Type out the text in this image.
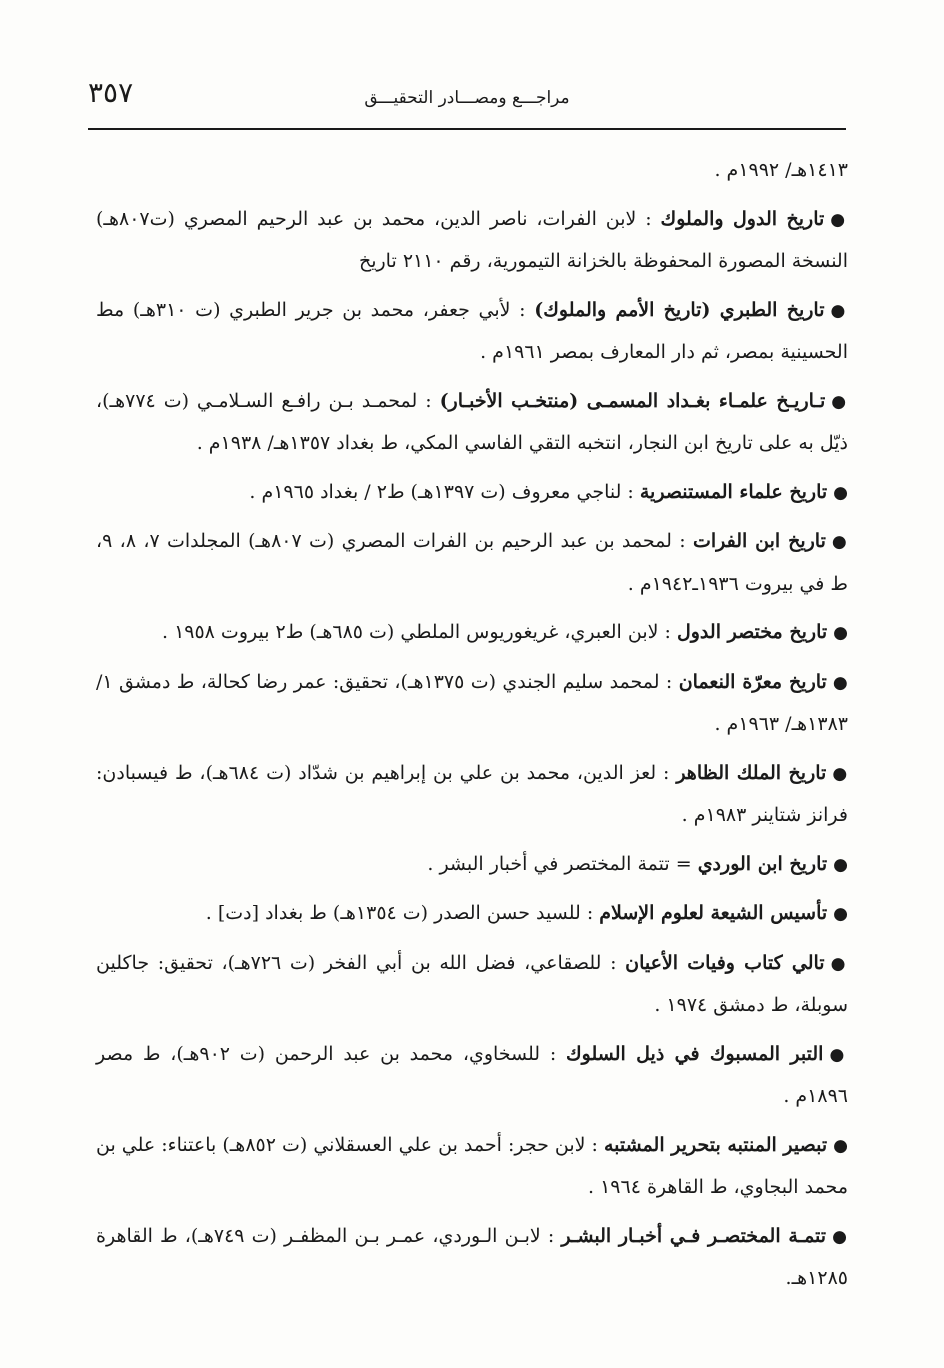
٣٥٧	مراجـــع ومصـــادر التحقيـــق

١٤١٣هـ/ ١٩٩٢م .

●تاريخ الدول والملوك : لابن الفرات، ناصر الدين، محمد بن عبد الرحيم المصري (ت٨٠٧هـ) النسخة المصورة المحفوظة بالخزانة التيمورية، رقم ٢١١٠ تاريخ

●تاريخ الطبري (تاريخ الأمم والملوك) : لأبي جعفر، محمد بن جرير الطبري (ت ٣١٠هـ) مط الحسينية بمصر، ثم دار المعارف بمصر ١٩٦١م .

●تـاريـخ علمـاء بغـداد المسمـى (منتخـب الأخبـار) : لمحمـد بـن رافـع السـلامـي (ت ٧٧٤هـ)، ذيّل به على تاريخ ابن النجار، انتخبه التقي الفاسي المكي، ط بغداد ١٣٥٧هـ/ ١٩٣٨م .

●تاريخ علماء المستنصرية : لناجي معروف (ت ١٣٩٧هـ) ط٢ / بغداد ١٩٦٥م .

●تاريخ ابن الفرات : لمحمد بن عبد الرحيم بن الفرات المصري (ت ٨٠٧هـ) المجلدات ٧، ٨، ٩، ط في بيروت ١٩٣٦ـ١٩٤٢م .

●تاريخ مختصر الدول : لابن العبري، غريغوريوس الملطي (ت ٦٨٥هـ) ط٢ بيروت ١٩٥٨ .

●تاريخ معرّة النعمان : لمحمد سليم الجندي (ت ١٣٧٥هـ)، تحقيق: عمر رضا كحالة، ط دمشق ١/ ١٣٨٣هـ/ ١٩٦٣م .

●تاريخ الملك الظاهر : لعز الدين، محمد بن علي بن إبراهيم بن شدّاد (ت ٦٨٤هـ)، ط فيسبادن: فرانز شتاينر ١٩٨٣م .

●تاريخ ابن الوردي = تتمة المختصر في أخبار البشر .

●تأسيس الشيعة لعلوم الإسلام : للسيد حسن الصدر (ت ١٣٥٤هـ) ط بغداد [دت] .

●تالي كتاب وفيات الأعيان : للصقاعي، فضل الله بن أبي الفخر (ت ٧٢٦هـ)، تحقيق: جاكلين سوبلة، ط دمشق ١٩٧٤ .

●التبر المسبوك في ذيل السلوك : للسخاوي، محمد بن عبد الرحمن (ت ٩٠٢هـ)، ط مصر ١٨٩٦م .

●تبصير المنتبه بتحرير المشتبه : لابن حجر: أحمد بن علي العسقلاني (ت ٨٥٢هـ) باعتناء: علي بن محمد البجاوي، ط القاهرة ١٩٦٤ .

●تتمـة المختصـر فـي أخبـار البشـر : لابـن الـوردي، عمـر بـن المظفـر (ت ٧٤٩هـ)، ط القاهرة ١٢٨٥هـ.
